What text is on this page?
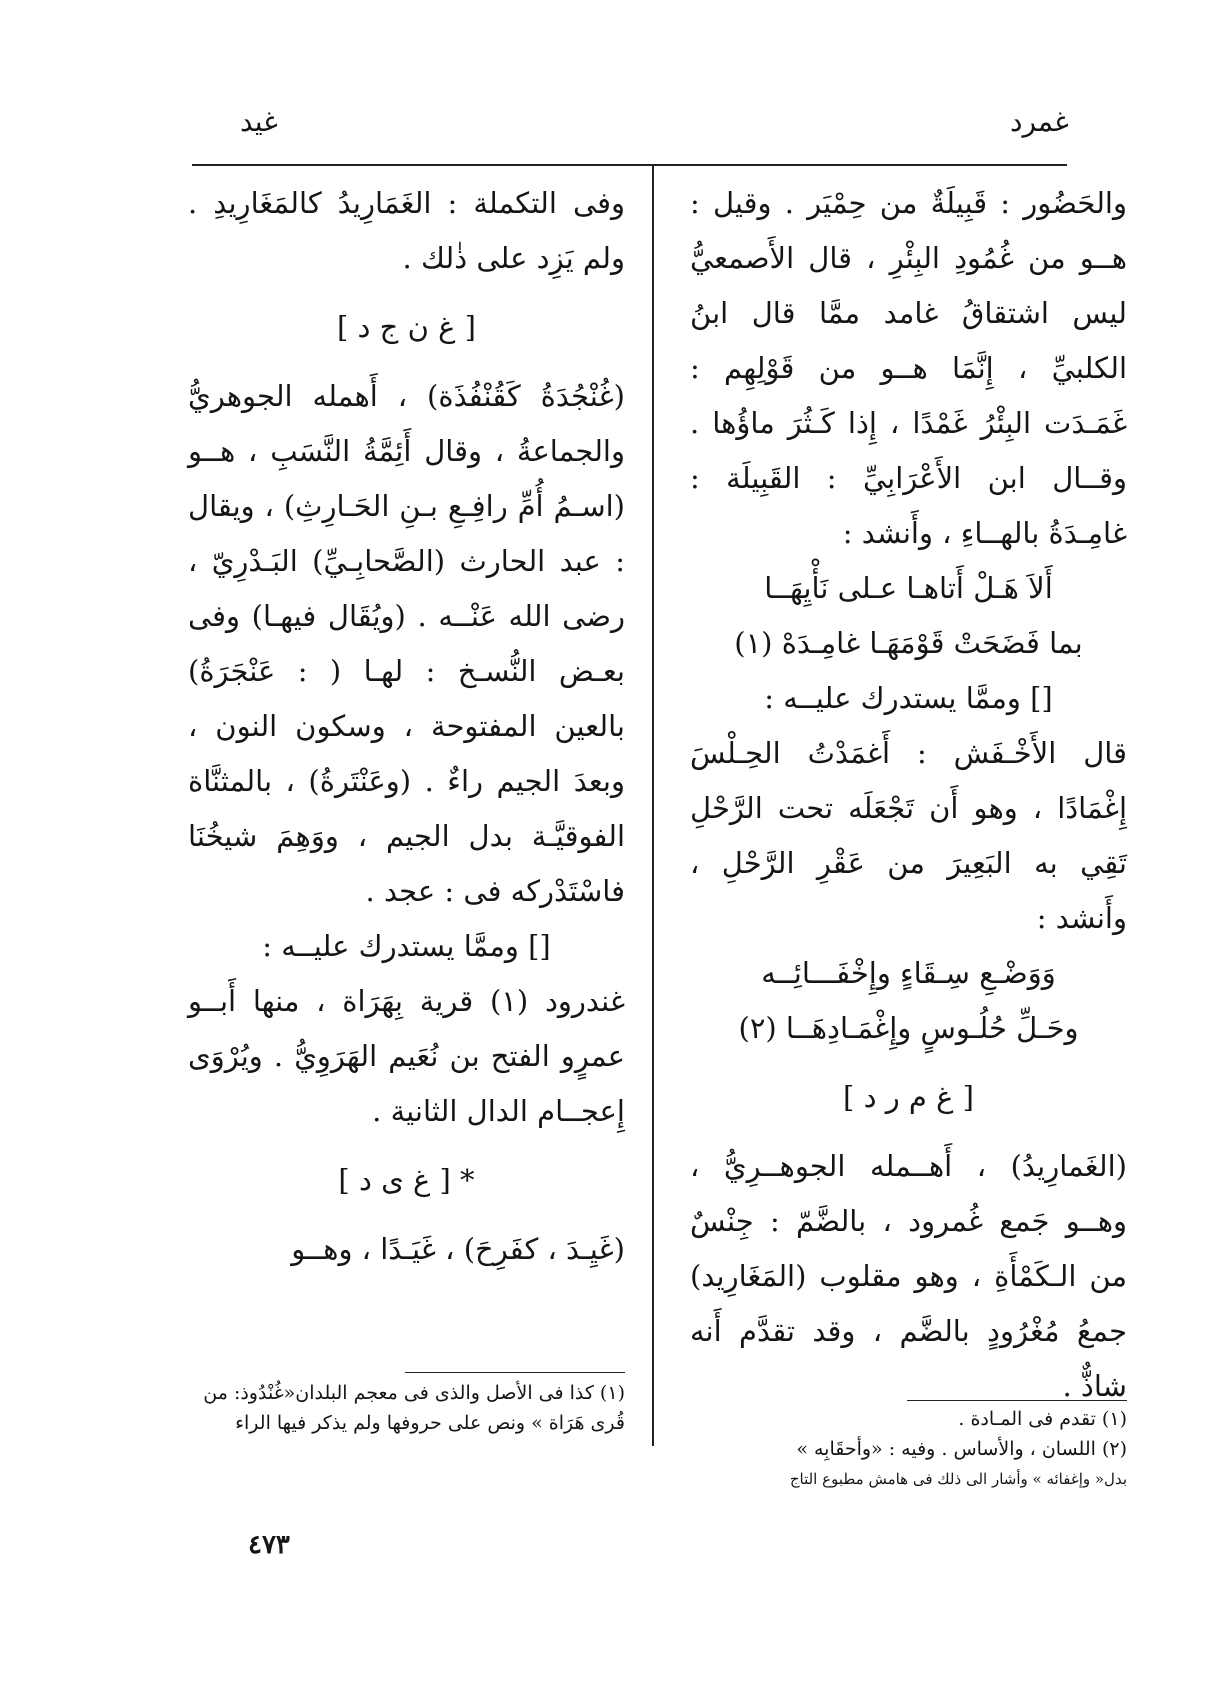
غمرد
غيد

والحَضُور : قَبِيلَةٌ من حِمْيَر . وقيل : هــو من غُمُودِ البِئْرِ ، قال الأَصمعيُّ ليس اشتقاقُ غامد ممَّا قال ابنُ الكلبيِّ ، إِنَّمَا هــو من قَوْلِهِم : غَمَـدَت البِئْرُ غَمْدًا ، إِذا كَـثُرَ ماؤُها . وقــال ابن الأَعْرَابِيِّ : القَبِيلَة : غامِـدَةُ بالهــاءِ ، وأَنشد :

أَلاَ هَـلْ أَتاهـا عـلى نَأْيِهَــا

بما فَضَحَتْ قَوْمَهَـا غامِـدَهْ (١)

[] وممَّا يستدرك عليــه :

قال الأَخْـفَش : أَغمَدْتُ الحِـلْسَ إِغْمَادًا ، وهو أَن تَجْعَلَه تحت الرَّحْلِ تَقِي به البَعِيرَ من عَقْرِ الرَّحْلِ ، وأَنشد :

وَوَضْـعِ سِـقَاءٍ وإِخْفَـــائِــه

وحَـلِّ حُلُـوسٍ وإِغْمَـادِهَــا (٢)

[ غ م ر د ]

(الغَمارِيدُ) ، أَهــمله الجوهــرِيُّ ، وهــو جَمع غُمرود ، بالضَّمّ : جِنْسٌ من الـكَمْأَةِ ، وهو مقلوب (المَغَارِيد) جمعُ مُغْرُودٍ بالضَّم ، وقد تقدَّم أَنه شاذٌّ .

وفى التكملة : الغَمَارِيدُ كالمَغَارِيدِ . ولم يَزِد على ذٰلك .

[ غ ن ج د ]

(غُنْجُدَةُ كَقُنْفُذَة) ، أَهمله الجوهريُّ والجماعةُ ، وقال أَئِمَّةُ النَّسَبِ ، هــو (اسـمُ أُمِّ رافِـعِ بـنِ الحَـارِثِ) ، ويقال : عبد الحارث (الصَّحابِـيِّ) البَـدْرِيّ ، رضى الله عَنْــه . (ويُقَال فيهـا) وفى بعـض النُّسـخ : لهـا ( : عَنْجَرَةُ) بالعين المفتوحة ، وسكون النون ، وبعدَ الجيم راءٌ . (وعَنْتَرةُ) ، بالمثنَّاة الفوقيَّـة بدل الجيم ، ووَهِمَ شيخُنَا فاسْتَدْركه فى : عجد .

[] وممَّا يستدرك عليــه :

غندرود (١) قرية بِهَرَاة ، منها أَبــو عمرٍو الفتح بن نُعَيم الهَرَوِيُّ . ويُرْوَى إِعجــام الدال الثانية .

* [ غ ى د ]

(غَيِـدَ ، كفَرِحَ) ، غَيَـدًا ، وهــو

(١) تقدم فى المـادة .

(٢) اللسان ، والأساس . وفيه : «وأحقَابِه »

بدل« وإغفائه » وأشار الى ذلك فى هامش مطبوع التاج

(١) كذا فى الأصل والذى فى معجم البلدان«غُنْدُوذ: من قُرى هَرَاة » ونص على حروفها ولم يذكر فيها الراء

٤٧٣
